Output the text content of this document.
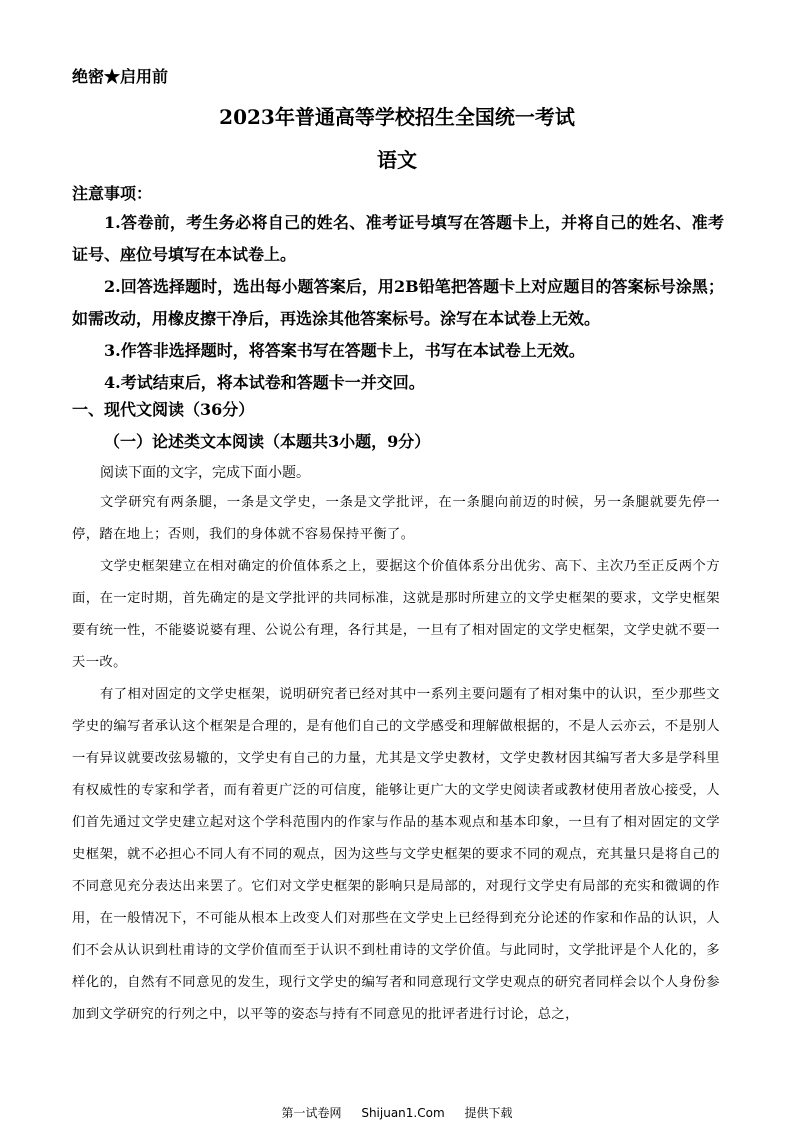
绝密★启用前
2023年普通高等学校招生全国统一考试
语文
注意事项：

1.答卷前，考生务必将自己的姓名、准考证号填写在答题卡上，并将自己的姓名、准考证号、座位号填写在本试卷上。

2.回答选择题时，选出每小题答案后，用2B铅笔把答题卡上对应题目的答案标号涂黑；如需改动，用橡皮擦干净后，再选涂其他答案标号。涂写在本试卷上无效。

3.作答非选择题时，将答案书写在答题卡上，书写在本试卷上无效。

4.考试结束后，将本试卷和答题卡一并交回。

一、现代文阅读（36分）
（一）论述类文本阅读（本题共3小题，9分）
阅读下面的文字，完成下面小题。

文学研究有两条腿，一条是文学史，一条是文学批评，在一条腿向前迈的时候，另一条腿就要先停一停，踏在地上；否则，我们的身体就不容易保持平衡了。

文学史框架建立在相对确定的价值体系之上，要据这个价值体系分出优劣、高下、主次乃至正反两个方面，在一定时期，首先确定的是文学批评的共同标准，这就是那时所建立的文学史框架的要求，文学史框架要有统一性，不能婆说婆有理、公说公有理，各行其是，一旦有了相对固定的文学史框架，文学史就不要一天一改。

有了相对固定的文学史框架，说明研究者已经对其中一系列主要问题有了相对集中的认识，至少那些文学史的编写者承认这个框架是合理的，是有他们自己的文学感受和理解做根据的，不是人云亦云，不是别人一有异议就要改弦易辙的，文学史有自己的力量，尤其是文学史教材，文学史教材因其编写者大多是学科里有权威性的专家和学者，而有着更广泛的可信度，能够让更广大的文学史阅读者或教材使用者放心接受，人们首先通过文学史建立起对这个学科范围内的作家与作品的基本观点和基本印象，一旦有了相对固定的文学史框架，就不必担心不同人有不同的观点，因为这些与文学史框架的要求不同的观点，充其量只是将自己的不同意见充分表达出来罢了。它们对文学史框架的影响只是局部的，对现行文学史有局部的充实和微调的作用，在一般情况下，不可能从根本上改变人们对那些在文学史上已经得到充分论述的作家和作品的认识，人们不会从认识到杜甫诗的文学价值而至于认识不到杜甫诗的文学价值。与此同时，文学批评是个人化的，多样化的，自然有不同意见的发生，现行文学史的编写者和同意现行文学史观点的研究者同样会以个人身份参加到文学研究的行列之中，以平等的姿态与持有不同意见的批评者进行讨论，总之，

第一试卷网 Shijuan1.Com 提供下载
